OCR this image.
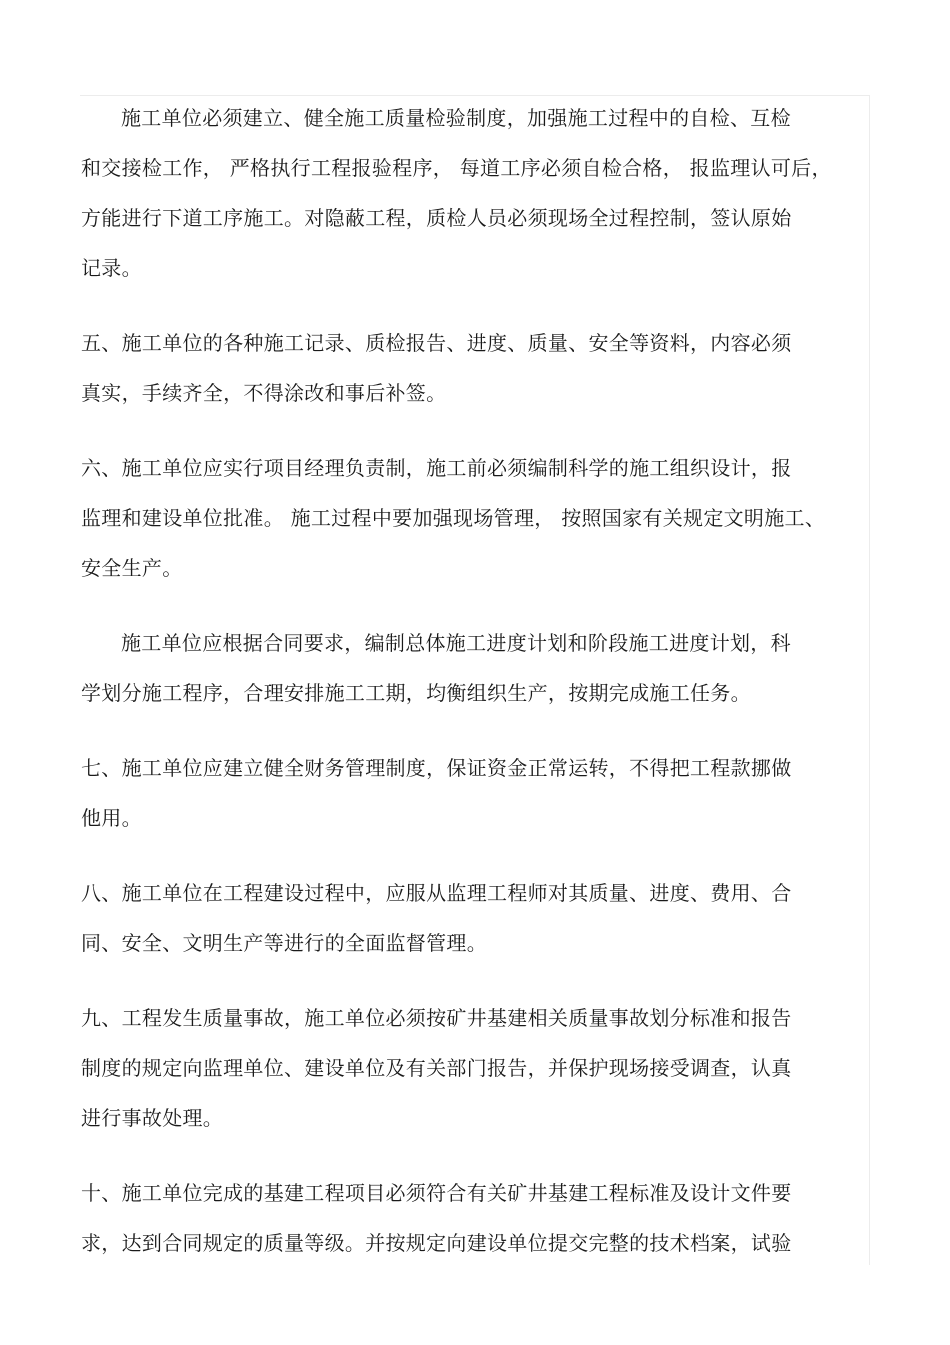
施工单位必须建立、健全施工质量检验制度，加强施工过程中的自检、互检
和交接检工作， 严格执行工程报验程序， 每道工序必须自检合格， 报监理认可后，
方能进行下道工序施工。对隐蔽工程，质检人员必须现场全过程控制，签认原始
记录。
五、施工单位的各种施工记录、质检报告、进度、质量、安全等资料，内容必须
真实，手续齐全，不得涂改和事后补签。
六、施工单位应实行项目经理负责制，施工前必须编制科学的施工组织设计，报
监理和建设单位批准。 施工过程中要加强现场管理， 按照国家有关规定文明施工、
安全生产。
施工单位应根据合同要求，编制总体施工进度计划和阶段施工进度计划，科
学划分施工程序，合理安排施工工期，均衡组织生产，按期完成施工任务。
七、施工单位应建立健全财务管理制度，保证资金正常运转，不得把工程款挪做
他用。
八、施工单位在工程建设过程中，应服从监理工程师对其质量、进度、费用、合
同、安全、文明生产等进行的全面监督管理。
九、工程发生质量事故，施工单位必须按矿井基建相关质量事故划分标准和报告
制度的规定向监理单位、建设单位及有关部门报告，并保护现场接受调查，认真
进行事故处理。
十、施工单位完成的基建工程项目必须符合有关矿井基建工程标准及设计文件要
求，达到合同规定的质量等级。并按规定向建设单位提交完整的技术档案，试验
